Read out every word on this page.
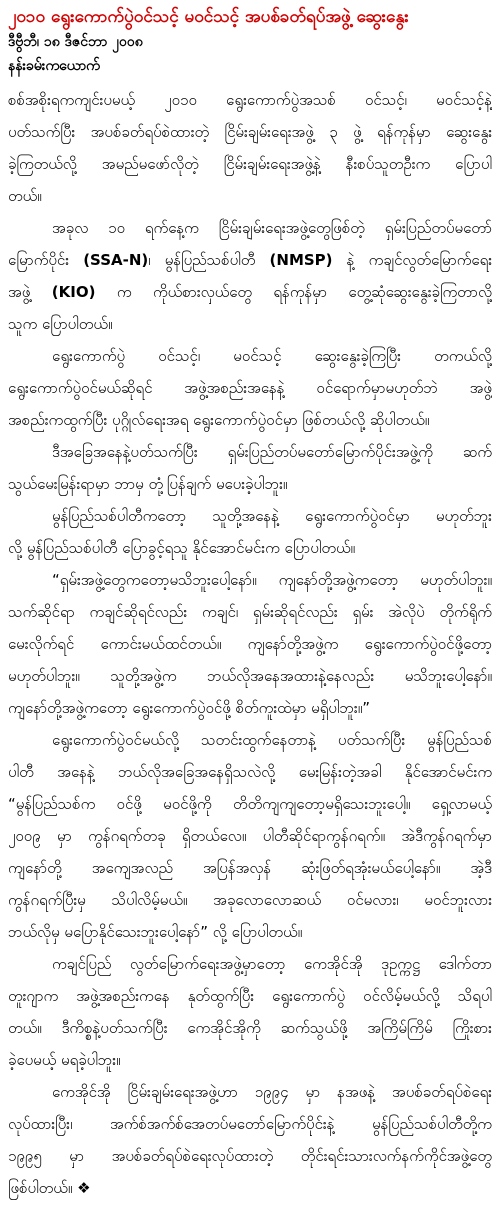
၂၀၁၀ ရွေးကောက်ပွဲဝင်သင့် မဝင်သင့် အပစ်ခတ်ရပ်အဖွဲ့ ဆွေးနွေး
ဒီဗွီဘီ၊ ၁၈ ဒီဇင်ဘာ ၂၀၀၈
နန်းခမ်းကယောက်
စစ်အစိုးရကကျင်းပမယ့် ၂၀၁၀ ရွေးကောက်ပွဲအသစ် ဝင်သင့်၊ မဝင်သင့်နဲ့
ပတ်သက်ပြီး အပစ်ခတ်ရပ်စဲထားတဲ့ ငြိမ်းချမ်းရေးအဖွဲ့ ၃ ဖွဲ့ ရန်ကုန်မှာ ဆွေးနွေး
ခဲ့ကြတယ်လို့ အမည်မဖော်လိုတဲ့ ငြိမ်းချမ်းရေးအဖွဲ့နဲ့ နီးစပ်သူတဦးက ပြောပါ
တယ်။
အခုလ ၁၀ ရက်နေ့က ငြိမ်းချမ်းရေးအဖွဲ့တွေဖြစ်တဲ့ ရှမ်းပြည်တပ်မတော်
မြောက်ပိုင်း (SSA-N)၊ မွန်ပြည်သစ်ပါတီ (NMSP) နဲ့ ကချင်လွတ်မြောက်ရေး
အဖွဲ့ (KIO) က ကိုယ်စားလှယ်တွေ ရန်ကုန်မှာ တွေ့ဆုံဆွေးနွေးခဲ့ကြတာလို့
သူက ပြောပါတယ်။
ရွေးကောက်ပွဲ ဝင်သင့်၊ မဝင်သင့် ဆွေးနွေးခဲ့ကြပြီး တကယ်လို့
ရွေးကောက်ပွဲဝင်မယ်ဆိုရင် အဖွဲ့အစည်းအနေနဲ့ ဝင်ရောက်မှာမဟုတ်ဘဲ အဖွဲ့
အစည်းကထွက်ပြီး ပုဂ္ဂိုလ်ရေးအရ ရွေးကောက်ပွဲဝင်မှာ ဖြစ်တယ်လို့ ဆိုပါတယ်။
ဒီအခြေအနေနဲ့ပတ်သက်ပြီး ရှမ်းပြည်တပ်မတော်မြောက်ပိုင်းအဖွဲ့ကို ဆက်
သွယ်မေးမြန်းရာမှာ ဘာမှ တုံ့ပြန်ချက် မပေးခဲ့ပါဘူး။
မွန်ပြည်သစ်ပါတီကတော့ သူတို့အနေနဲ့ ရွေးကောက်ပွဲဝင်မှာ မဟုတ်ဘူး
လို့ မွန်ပြည်သစ်ပါတီ ပြောခွင့်ရသူ နိုင်အောင်မင်းက ပြောပါတယ်။
“ရှမ်းအဖွဲ့တွေကတော့မသိဘူးပေါ့နော်။ ကျနော်တို့အဖွဲ့ကတော့ မဟုတ်ပါဘူး။
သက်ဆိုင်ရာ ကချင်ဆိုရင်လည်း ကချင်၊ ရှမ်းဆိုရင်လည်း ရှမ်း အဲလိုပဲ တိုက်ရိုက်
မေးလိုက်ရင် ကောင်းမယ်ထင်တယ်။ ကျနော်တို့အဖွဲ့က ရွေးကောက်ပွဲဝင်ဖို့တော့
မဟုတ်ပါဘူး။ သူတို့အဖွဲ့က ဘယ်လိုအနေအထားနဲ့နေလည်း မသိဘူးပေါ့နော်။
ကျနော်တို့အဖွဲ့ကတော့ ရွေးကောက်ပွဲဝင်ဖို့ စိတ်ကူးထဲမှာ မရှိပါဘူး။”
ရွေးကောက်ပွဲဝင်မယ်လို့ သတင်းထွက်နေတာနဲ့ ပတ်သက်ပြီး မွန်ပြည်သစ်
ပါတီ အနေနဲ့ ဘယ်လိုအခြေအနေရှိသလဲလို့ မေးမြန်းတဲ့အခါ နိုင်အောင်မင်းက
“မွန်ပြည်သစ်က ဝင်ဖို့ မဝင်ဖို့ကို တိတိကျကျတော့မရှိသေးဘူးပေါ့။ ရှေ့လာမယ့်
၂၀၀၉ မှာ ကွန်ဂရက်တခု ရှိတယ်လေ။ ပါတီဆိုင်ရာကွန်ဂရက်။ အဲဒီကွန်ဂရက်မှာ
ကျနော်တို့ အကျေအလည် အပြန်အလှန် ဆုံးဖြတ်ရအုံးမယ်ပေါ့နော်။ အဲ့ဒီ
ကွန်ဂရက်ပြီးမှ သိပါလိမ့်မယ်။ အခုလောလောဆယ် ဝင်မလား၊ မဝင်ဘူးလား
ဘယ်လိုမှ မပြောနိုင်သေးဘူးပေါ့နော်” လို့ ပြောပါတယ်။
ကချင်ပြည် လွတ်မြောက်ရေးအဖွဲ့မှာတော့ ကေအိုင်အို ဒုဥက္ကဋ္ဌ ဒေါက်တာ
တူးဂျာက အဖွဲ့အစည်းကနေ နုတ်ထွက်ပြီး ရွေးကောက်ပွဲ ဝင်လိမ့်မယ်လို့ သိရပါ
တယ်။ ဒီကိစ္စနဲ့ပတ်သက်ပြီး ကေအိုင်အိုကို ဆက်သွယ်ဖို့ အကြိမ်ကြိမ် ကြိုးစား
ခဲ့ပေမယ့် မရခဲ့ပါဘူး။
ကေအိုင်အို ငြိမ်းချမ်းရေးအဖွဲ့ဟာ ၁၉၉၄ မှာ နအဖနဲ့ အပစ်ခတ်ရပ်စဲရေး
လုပ်ထားပြီး၊ အက်စ်အက်စ်အေတပ်မတော်မြောက်ပိုင်းနဲ့ မွန်ပြည်သစ်ပါတီတို့က
၁၉၉၅ မှာ အပစ်ခတ်ရပ်စဲရေးလုပ်ထားတဲ့ တိုင်းရင်းသားလက်နက်ကိုင်အဖွဲ့တွေ
ဖြစ်ပါတယ်။ ❖
